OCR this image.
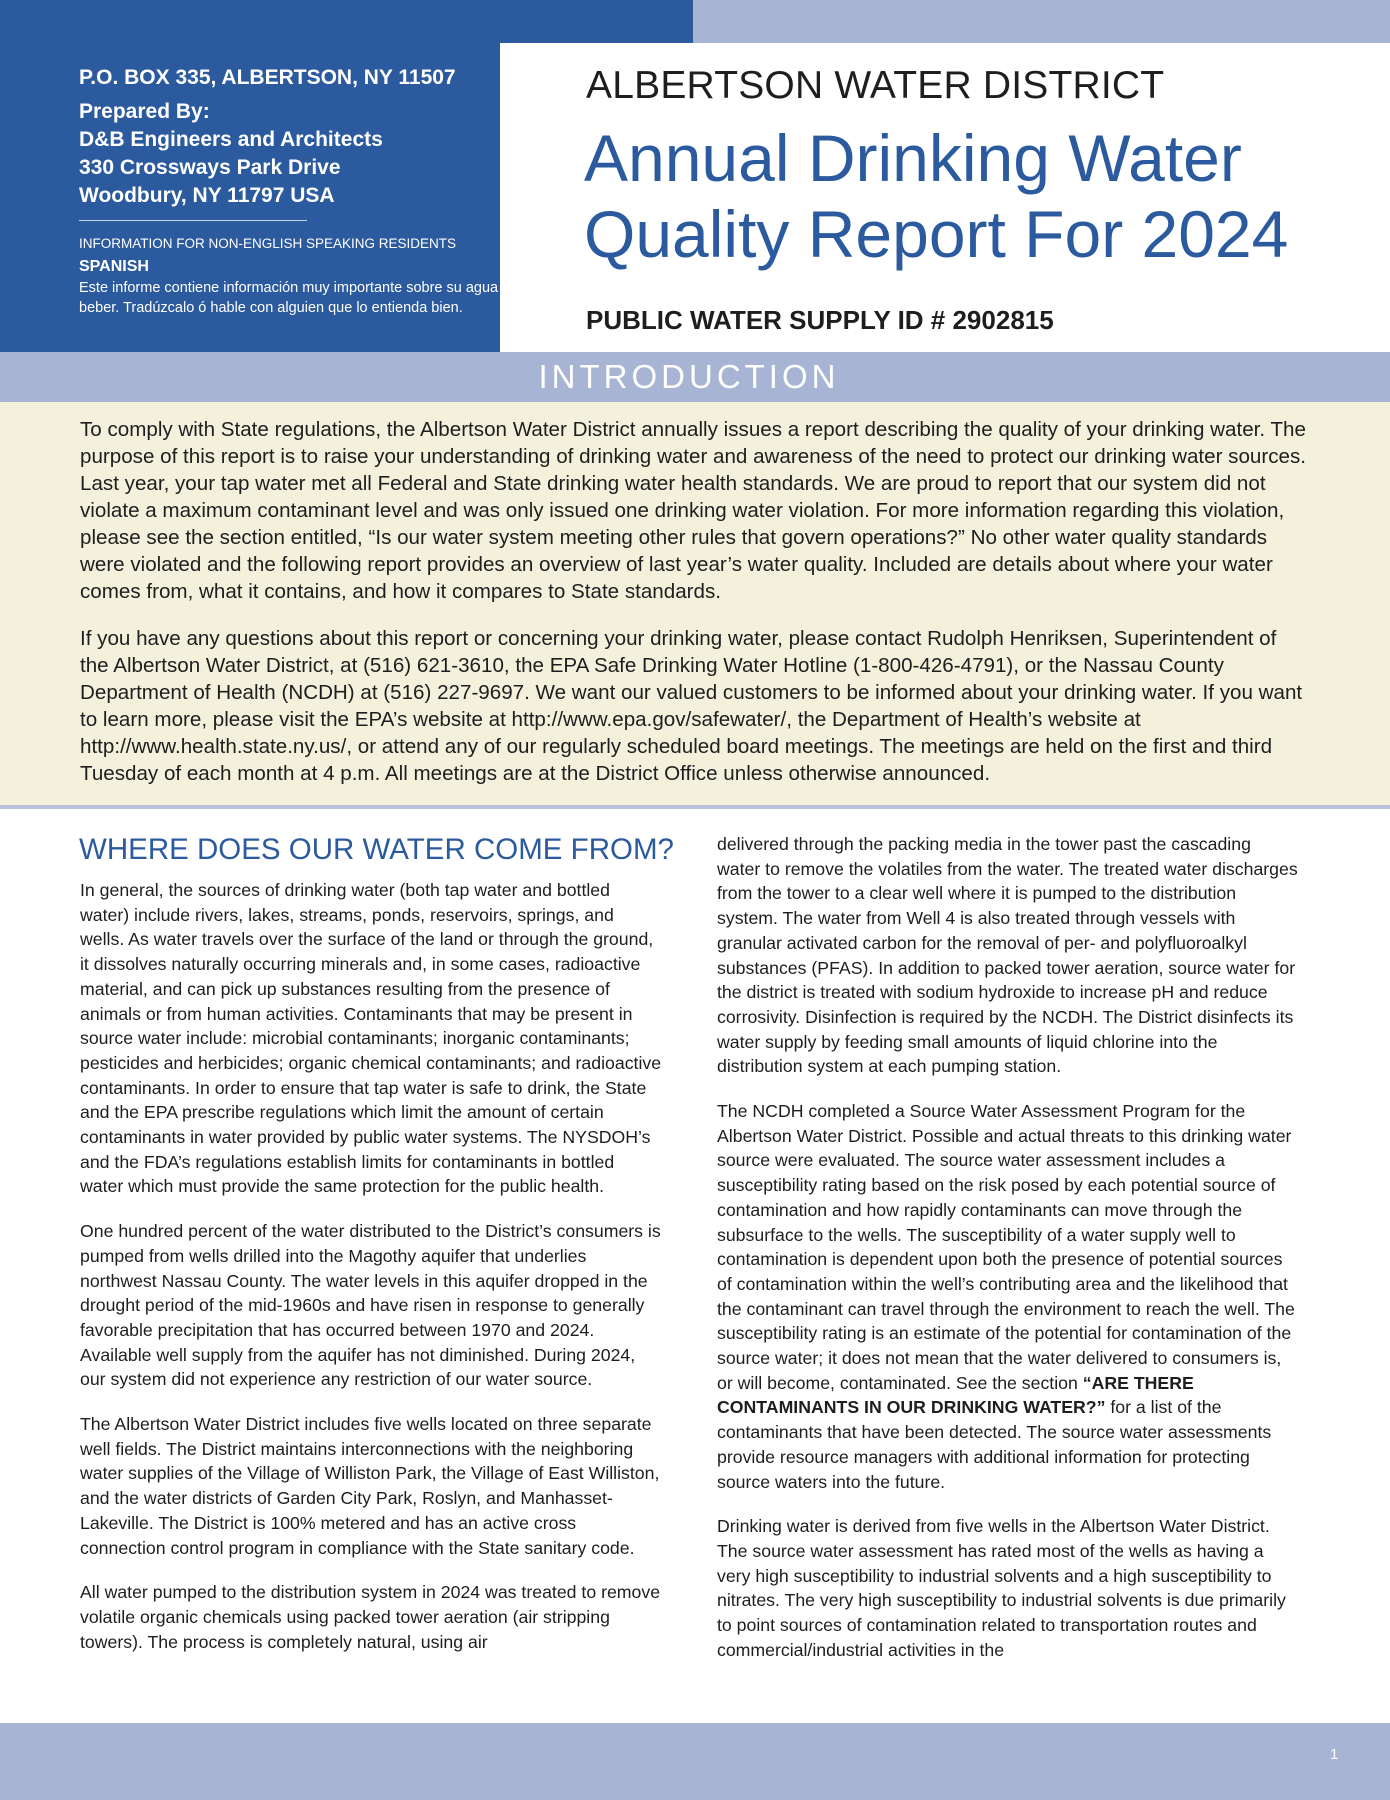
P.O. BOX 335, ALBERTSON, NY 11507
Prepared By:
D&B Engineers and Architects
330 Crossways Park Drive
Woodbury, NY 11797 USA
INFORMATION FOR NON-ENGLISH SPEAKING RESIDENTS
SPANISH
Este informe contiene información muy importante sobre su agua beber. Tradúzcalo ó hable con alguien que lo entienda bien.
ALBERTSON WATER DISTRICT
Annual Drinking Water
Quality Report For 2024
PUBLIC WATER SUPPLY ID # 2902815
INTRODUCTION

To comply with State regulations, the Albertson Water District annually issues a report describing the quality of your drinking water. The purpose of this report is to raise your understanding of drinking water and awareness of the need to protect our drinking water sources. Last year, your tap water met all Federal and State drinking water health standards. We are proud to report that our system did not violate a maximum contaminant level and was only issued one drinking water violation. For more information regarding this violation, please see the section entitled, “Is our water system meeting other rules that govern operations?” No other water quality standards were violated and the following report provides an overview of last year’s water quality. Included are details about where your water comes from, what it contains, and how it compares to State standards.

If you have any questions about this report or concerning your drinking water, please contact Rudolph Henriksen, Superintendent of the Albertson Water District, at (516) 621-3610, the EPA Safe Drinking Water Hotline (1-800-426-4791), or the Nassau County Department of Health (NCDH) at (516) 227-9697. We want our valued customers to be informed about your drinking water. If you want to learn more, please visit the EPA’s website at http://www.epa.gov/safewater/, the Department of Health’s website at http://www.health.state.ny.us/, or attend any of our regularly scheduled board meetings. The meetings are held on the first and third Tuesday of each month at 4 p.m. All meetings are at the District Office unless otherwise announced.

WHERE DOES OUR WATER COME FROM?

In general, the sources of drinking water (both tap water and bottled water) include rivers, lakes, streams, ponds, reservoirs, springs, and wells. As water travels over the surface of the land or through the ground, it dissolves naturally occurring minerals and, in some cases, radioactive material, and can pick up substances resulting from the presence of animals or from human activities. Contaminants that may be present in source water include: microbial contaminants; inorganic contaminants; pesticides and herbicides; organic chemical contaminants; and radioactive contaminants. In order to ensure that tap water is safe to drink, the State and the EPA prescribe regulations which limit the amount of certain contaminants in water provided by public water systems. The NYSDOH’s and the FDA’s regulations establish limits for contaminants in bottled water which must provide the same protection for the public health.

One hundred percent of the water distributed to the District’s consumers is pumped from wells drilled into the Magothy aquifer that underlies northwest Nassau County. The water levels in this aquifer dropped in the drought period of the mid-1960s and have risen in response to generally favorable precipitation that has occurred between 1970 and 2024. Available well supply from the aquifer has not diminished. During 2024, our system did not experience any restriction of our water source.

The Albertson Water District includes five wells located on three separate well fields. The District maintains interconnections with the neighboring water supplies of the Village of Williston Park, the Village of East Williston, and the water districts of Garden City Park, Roslyn, and Manhasset-Lakeville. The District is 100% metered and has an active cross connection control program in compliance with the State sanitary code.

All water pumped to the distribution system in 2024 was treated to remove volatile organic chemicals using packed tower aeration (air stripping towers). The process is completely natural, using air

delivered through the packing media in the tower past the cascading water to remove the volatiles from the water. The treated water discharges from the tower to a clear well where it is pumped to the distribution system. The water from Well 4 is also treated through vessels with granular activated carbon for the removal of per- and polyfluoroalkyl substances (PFAS). In addition to packed tower aeration, source water for the district is treated with sodium hydroxide to increase pH and reduce corrosivity. Disinfection is required by the NCDH. The District disinfects its water supply by feeding small amounts of liquid chlorine into the distribution system at each pumping station.

The NCDH completed a Source Water Assessment Program for the Albertson Water District. Possible and actual threats to this drinking water source were evaluated. The source water assessment includes a susceptibility rating based on the risk posed by each potential source of contamination and how rapidly contaminants can move through the subsurface to the wells. The susceptibility of a water supply well to contamination is dependent upon both the presence of potential sources of contamination within the well’s contributing area and the likelihood that the contaminant can travel through the environment to reach the well. The susceptibility rating is an estimate of the potential for contamination of the source water; it does not mean that the water delivered to consumers is, or will become, contaminated. See the section “ARE THERE CONTAMINANTS IN OUR DRINKING WATER?” for a list of the contaminants that have been detected. The source water assessments provide resource managers with additional information for protecting source waters into the future.

Drinking water is derived from five wells in the Albertson Water District. The source water assessment has rated most of the wells as having a very high susceptibility to industrial solvents and a high susceptibility to nitrates. The very high susceptibility to industrial solvents is due primarily to point sources of contamination related to transportation routes and commercial/industrial activities in the

1
